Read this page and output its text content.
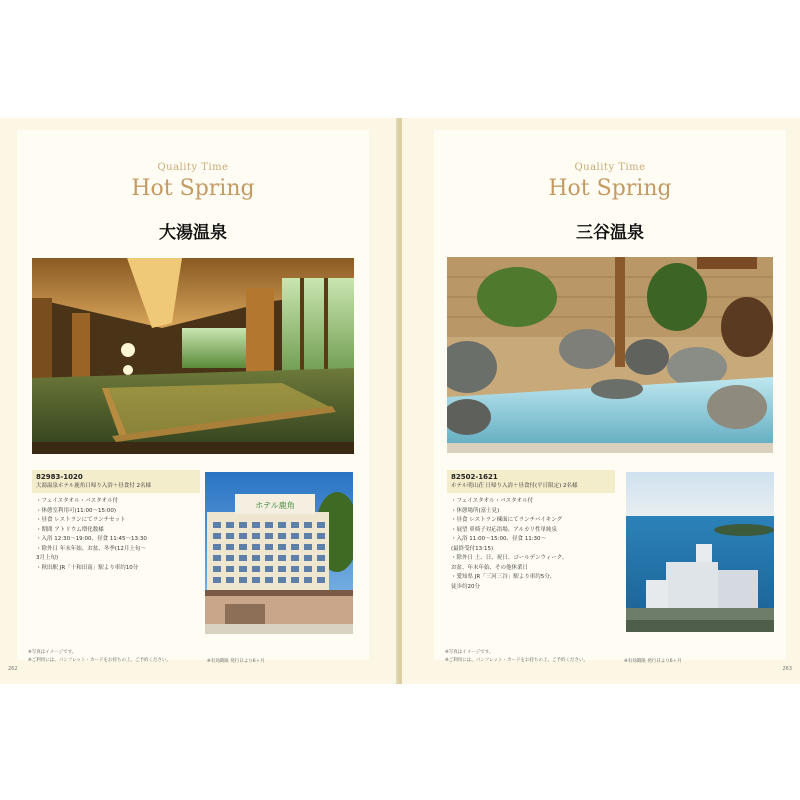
Quality Time
Hot Spring
大湯温泉
82983-1020
大湯温泉ホテル鹿角日帰り入浴＋昼食付 2名様
・フェイスタオル・バスタオル付
・休憩室利用可(11:00〜15:00)
・昼食 レストランにてランチセット
・期間 アトリウム増化数様
・入浴 12:30〜19:00、昼食 11:45〜13:30
・除外日 年末年始、お盆、冬季(12月上旬〜
3月上旬)
・秋田駅 JR「十和田南」駅より車約10分
ホテル鹿角
※写真はイメージです。
※ご利用には、パンフレット・カードをお持ちの上、ご予約ください。	※有効期限 発行日より6ヶ月
262
Quality Time
Hot Spring
三谷温泉
82502-1621
ホテル明山荘 日帰り入浴＋昼食付(平日限定) 2名様
・フェイスタオル・バスタオル付
・休憩場所(富士見)
・昼食 レストラン棟面にてランチバイキング
・展望 車椅子対応浴場、アルカリ性単純泉
・入浴 11:00〜15:00、昼食 11:30〜
(最終受付13:15)
・除外日 土、日、祝日、ゴールデンウィーク、
お盆、年末年始、その他休業日
・愛知県 JR「三河三谷」駅より車約5分、
徒歩約20分
※写真はイメージです。
※ご利用には、パンフレット・カードをお持ちの上、ご予約ください。	※有効期限 発行日より6ヶ月
263
